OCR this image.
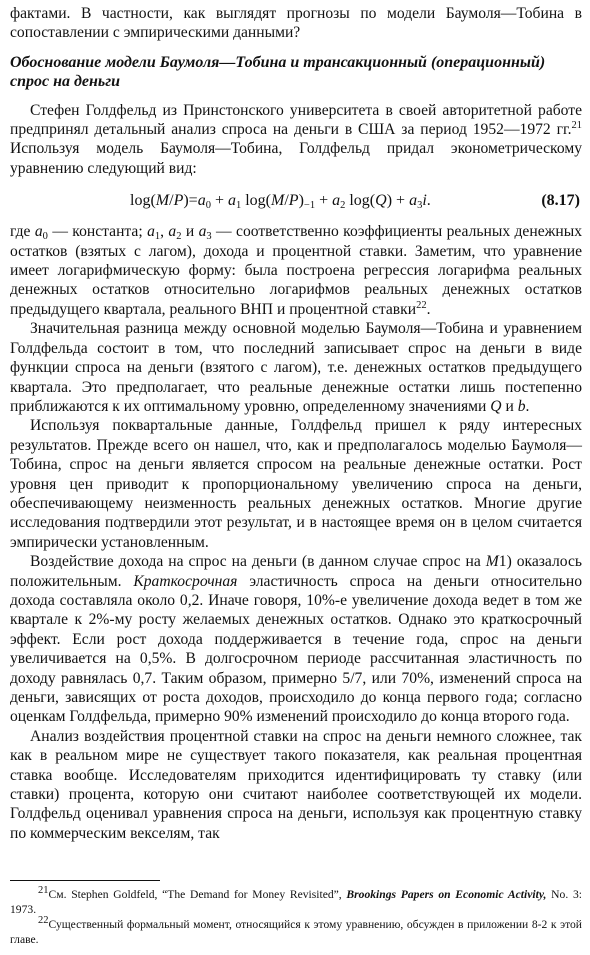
фактами. В частности, как выглядят прогнозы по модели Баумоля—Тобина в сопоставлении с эмпирическими данными?

Обоснование модели Баумоля—Тобина и трансакционный (операционный) спрос на деньги

Стефен Голдфельд из Принстонского университета в своей авторитетной работе предпринял детальный анализ спроса на деньги в США за период 1952—1972 гг.$^{21}$ Используя модель Баумоля—Тобина, Голдфельд придал эконометрическому уравнению следующий вид:

$\log(M/P)=a_0 + a_1$ $\log(M/P)_{-1} + a_2$ $\log(Q) + a_3i$.	(8.17)

где $a_0$ — константа; $a_1$, $a_2$ и $a_3$ — соответственно коэффициенты реальных денежных остатков (взятых с лагом), дохода и процентной ставки. Заметим, что уравнение имеет логарифмическую форму: была построена регрессия логарифма реальных денежных остатков относительно логарифмов реальных денежных остатков предыдущего квартала, реального ВНП и процентной ставки$^{22}$.

Значительная разница между основной моделью Баумоля—Тобина и уравнением Голдфельда состоит в том, что последний записывает спрос на деньги в виде функции спроса на деньги (взятого с лагом), т.е. денежных остатков предыдущего квартала. Это предполагает, что реальные денежные остатки лишь постепенно приближаются к их оптимальному уровню, определенному значениями Q и b.

Используя поквартальные данные, Голдфельд пришел к ряду интересных результатов. Прежде всего он нашел, что, как и предполагалось моделью Баумоля—Тобина, спрос на деньги является спросом на реальные денежные остатки. Рост уровня цен приводит к пропорциональному увеличению спроса на деньги, обеспечивающему неизменность реальных денежных остатков. Многие другие исследования подтвердили этот результат, и в настоящее время он в целом считается эмпирически установленным.

Воздействие дохода на спрос на деньги (в данном случае спрос на M1) оказалось положительным. Краткосрочная эластичность спроса на деньги относительно дохода составляла около 0,2. Иначе говоря, 10%-е увеличение дохода ведет в том же квартале к 2%-му росту желаемых денежных остатков. Однако это краткосрочный эффект. Если рост дохода поддерживается в течение года, спрос на деньги увеличивается на 0,5%. В долгосрочном периоде рассчитанная эластичность по доходу равнялась 0,7. Таким образом, примерно 5/7, или 70%, изменений спроса на деньги, зависящих от роста доходов, происходило до конца первого года; согласно оценкам Голдфельда, примерно 90% изменений происходило до конца второго года.

Анализ воздействия процентной ставки на спрос на деньги немного сложнее, так как в реальном мире не существует такого показателя, как реальная процентная ставка вообще. Исследователям приходится идентифицировать ту ставку (или ставки) процента, которую они считают наиболее соответствующей их модели. Голдфельд оценивал уравнения спроса на деньги, используя как процентную ставку по коммерческим векселям, так

$^{21}$См. Stephen Goldfeld, “The Demand for Money Revisited”, Brookings Papers on Economic Activity, No. 3: 1973.

$^{22}$Существенный формальный момент, относящийся к этому уравнению, обсужден в приложении 8-2 к этой главе.
